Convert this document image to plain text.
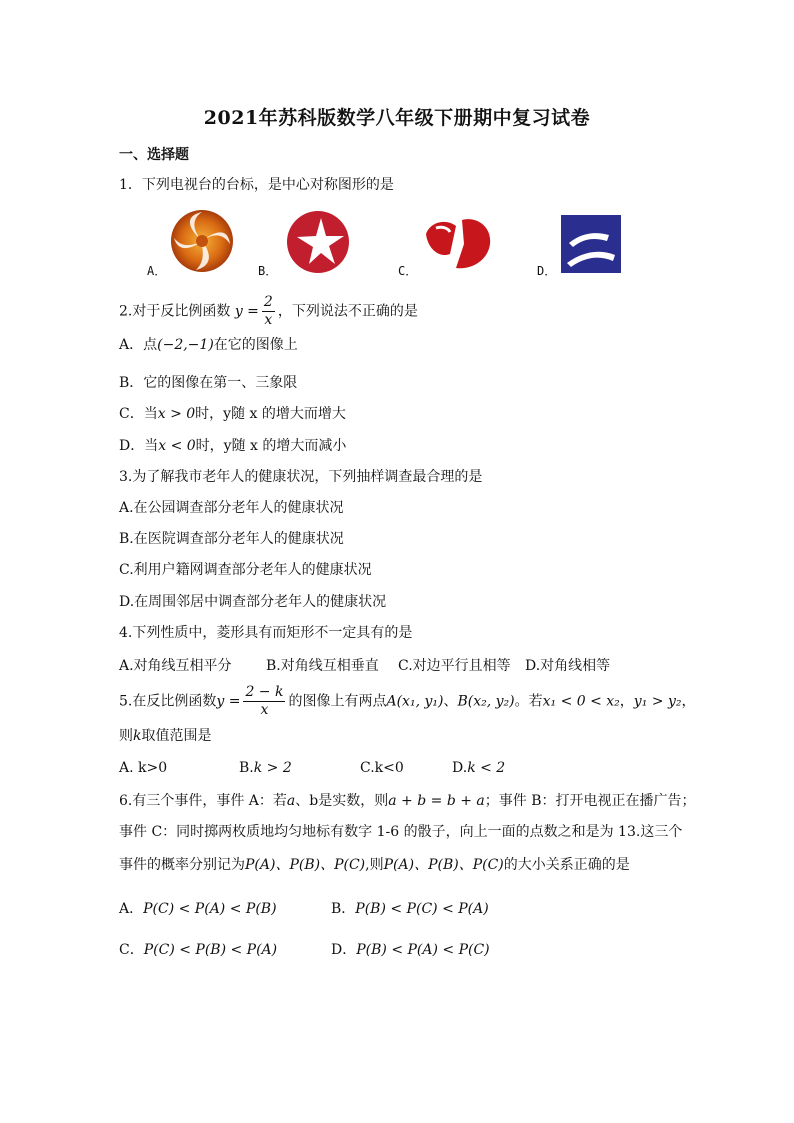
2021年苏科版数学八年级下册期中复习试卷
一、选择题
1．下列电视台的台标，是中心对称图形的是
A．	B．	C．	D．
2.对于反比例函数 $y = \frac{2}{x}$ ，下列说法不正确的是
A．点(−2,−1)在它的图像上
B．它的图像在第一、三象限
C．当x > 0时，y随 x 的增大而增大
D．当x < 0时，y随 x 的增大而减小
3.为了解我市老年人的健康状况，下列抽样调查最合理的是
A.在公园调查部分老年人的健康状况
B.在医院调查部分老年人的健康状况
C.利用户籍网调查部分老年人的健康状况
D.在周围邻居中调查部分老年人的健康状况
4.下列性质中，菱形具有而矩形不一定具有的是
A.对角线互相平分 B.对角线互相垂直 C.对边平行且相等 D.对角线相等
5.在反比例函数$y = \frac{2 - k}{x}$ 的图像上有两点A(x₁, y₁)、B(x₂, y₂)。若x₁ < 0 < x₂，y₁ > y₂，
则k取值范围是
A. k>0	B.k > 2	C.k<0	D.k < 2
6.有三个事件，事件 A：若a、b是实数，则a + b = b + a；事件 B：打开电视正在播广告；
事件 C：同时掷两枚质地均匀地标有数字 1-6 的骰子，向上一面的点数之和是为 13.这三个
事件的概率分别记为P(A)、P(B)、P(C),则P(A)、P(B)、P(C)的大小关系正确的是
A．P(C) < P(A) < P(B)	B．P(B) < P(C) < P(A)
C．P(C) < P(B) < P(A)	D．P(B) < P(A) < P(C)
